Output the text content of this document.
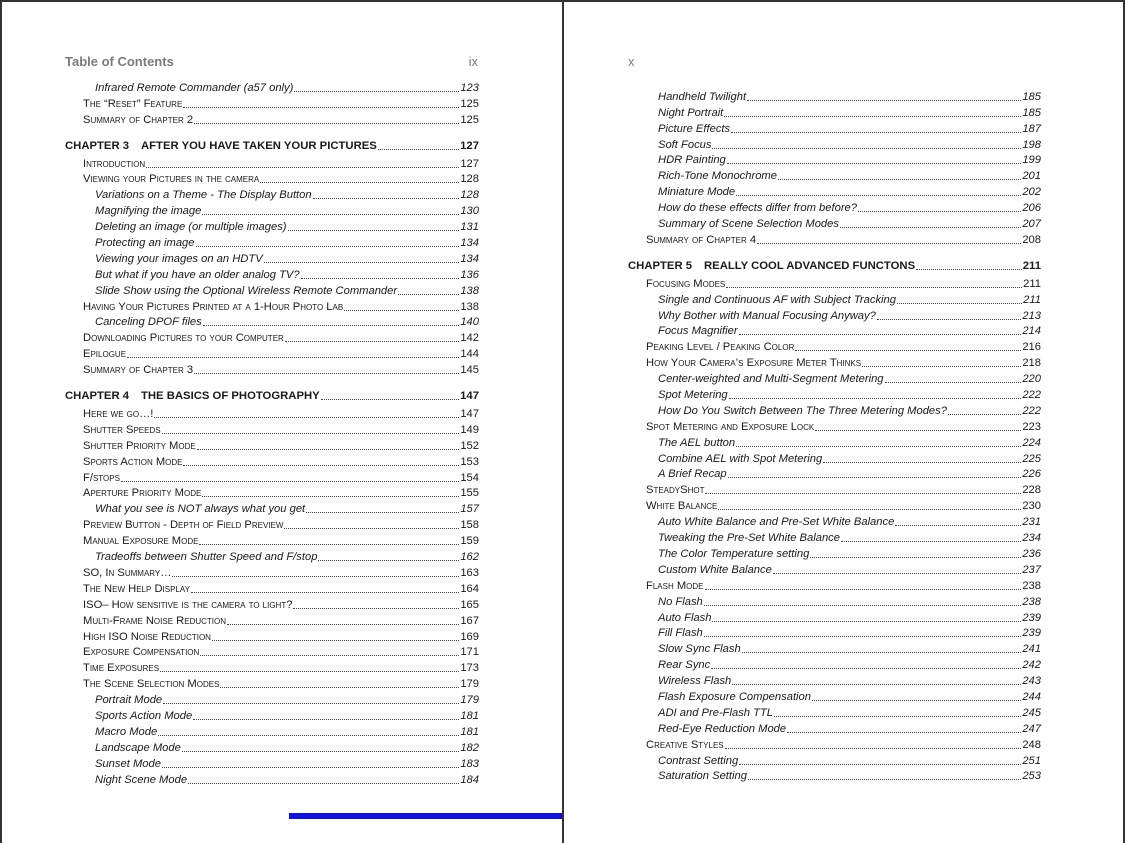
Table of Contents	ix
Infrared Remote Commander (a57 only)	123
The “Reset” Feature	125
Summary of Chapter 2	125
CHAPTER 3 AFTER YOU HAVE TAKEN YOUR PICTURES	127
Introduction	127
Viewing your Pictures in the camera	128
Variations on a Theme - The Display Button	128
Magnifying the image	130
Deleting an image (or multiple images)	131
Protecting an image	134
Viewing your images on an HDTV	134
But what if you have an older analog TV?	136
Slide Show using the Optional Wireless Remote Commander	138
Having Your Pictures Printed at a 1-Hour Photo Lab	138
Canceling DPOF files	140
Downloading Pictures to your Computer	142
Epilogue	144
Summary of Chapter 3	145
CHAPTER 4 THE BASICS OF PHOTOGRAPHY	147
Here we go…!	147
Shutter Speeds	149
Shutter Priority Mode	152
Sports Action Mode	153
F/stops	154
Aperture Priority Mode	155
What you see is NOT always what you get	157
Preview Button - Depth of Field Preview	158
Manual Exposure Mode	159
Tradeoffs between Shutter Speed and F/stop	162
SO, In Summary…	163
The New Help Display	164
ISO– How sensitive is the camera to light?	165
Multi-Frame Noise Reduction	167
High ISO Noise Reduction	169
Exposure Compensation	171
Time Exposures	173
The Scene Selection Modes	179
Portrait Mode	179
Sports Action Mode	181
Macro Mode	181
Landscape Mode	182
Sunset Mode	183
Night Scene Mode	184
x
Handheld Twilight	185
Night Portrait	185
Picture Effects	187
Soft Focus	198
HDR Painting	199
Rich-Tone Monochrome	201
Miniature Mode	202
How do these effects differ from before?	206
Summary of Scene Selection Modes	207
Summary of Chapter 4	208
CHAPTER 5 REALLY COOL ADVANCED FUNCTONS	211
Focusing Modes	211
Single and Continuous AF with Subject Tracking	211
Why Bother with Manual Focusing Anyway?	213
Focus Magnifier	214
Peaking Level / Peaking Color	216
How Your Camera’s Exposure Meter Thinks	218
Center-weighted and Multi-Segment Metering	220
Spot Metering	222
How Do You Switch Between The Three Metering Modes?	222
Spot Metering and Exposure Lock	223
The AEL button	224
Combine AEL with Spot Metering	225
A Brief Recap	226
SteadyShot	228
White Balance	230
Auto White Balance and Pre-Set White Balance	231
Tweaking the Pre-Set White Balance	234
The Color Temperature setting	236
Custom White Balance	237
Flash Mode	238
No Flash	238
Auto Flash	239
Fill Flash	239
Slow Sync Flash	241
Rear Sync	242
Wireless Flash	243
Flash Exposure Compensation	244
ADI and Pre-Flash TTL	245
Red-Eye Reduction Mode	247
Creative Styles	248
Contrast Setting	251
Saturation Setting	253
